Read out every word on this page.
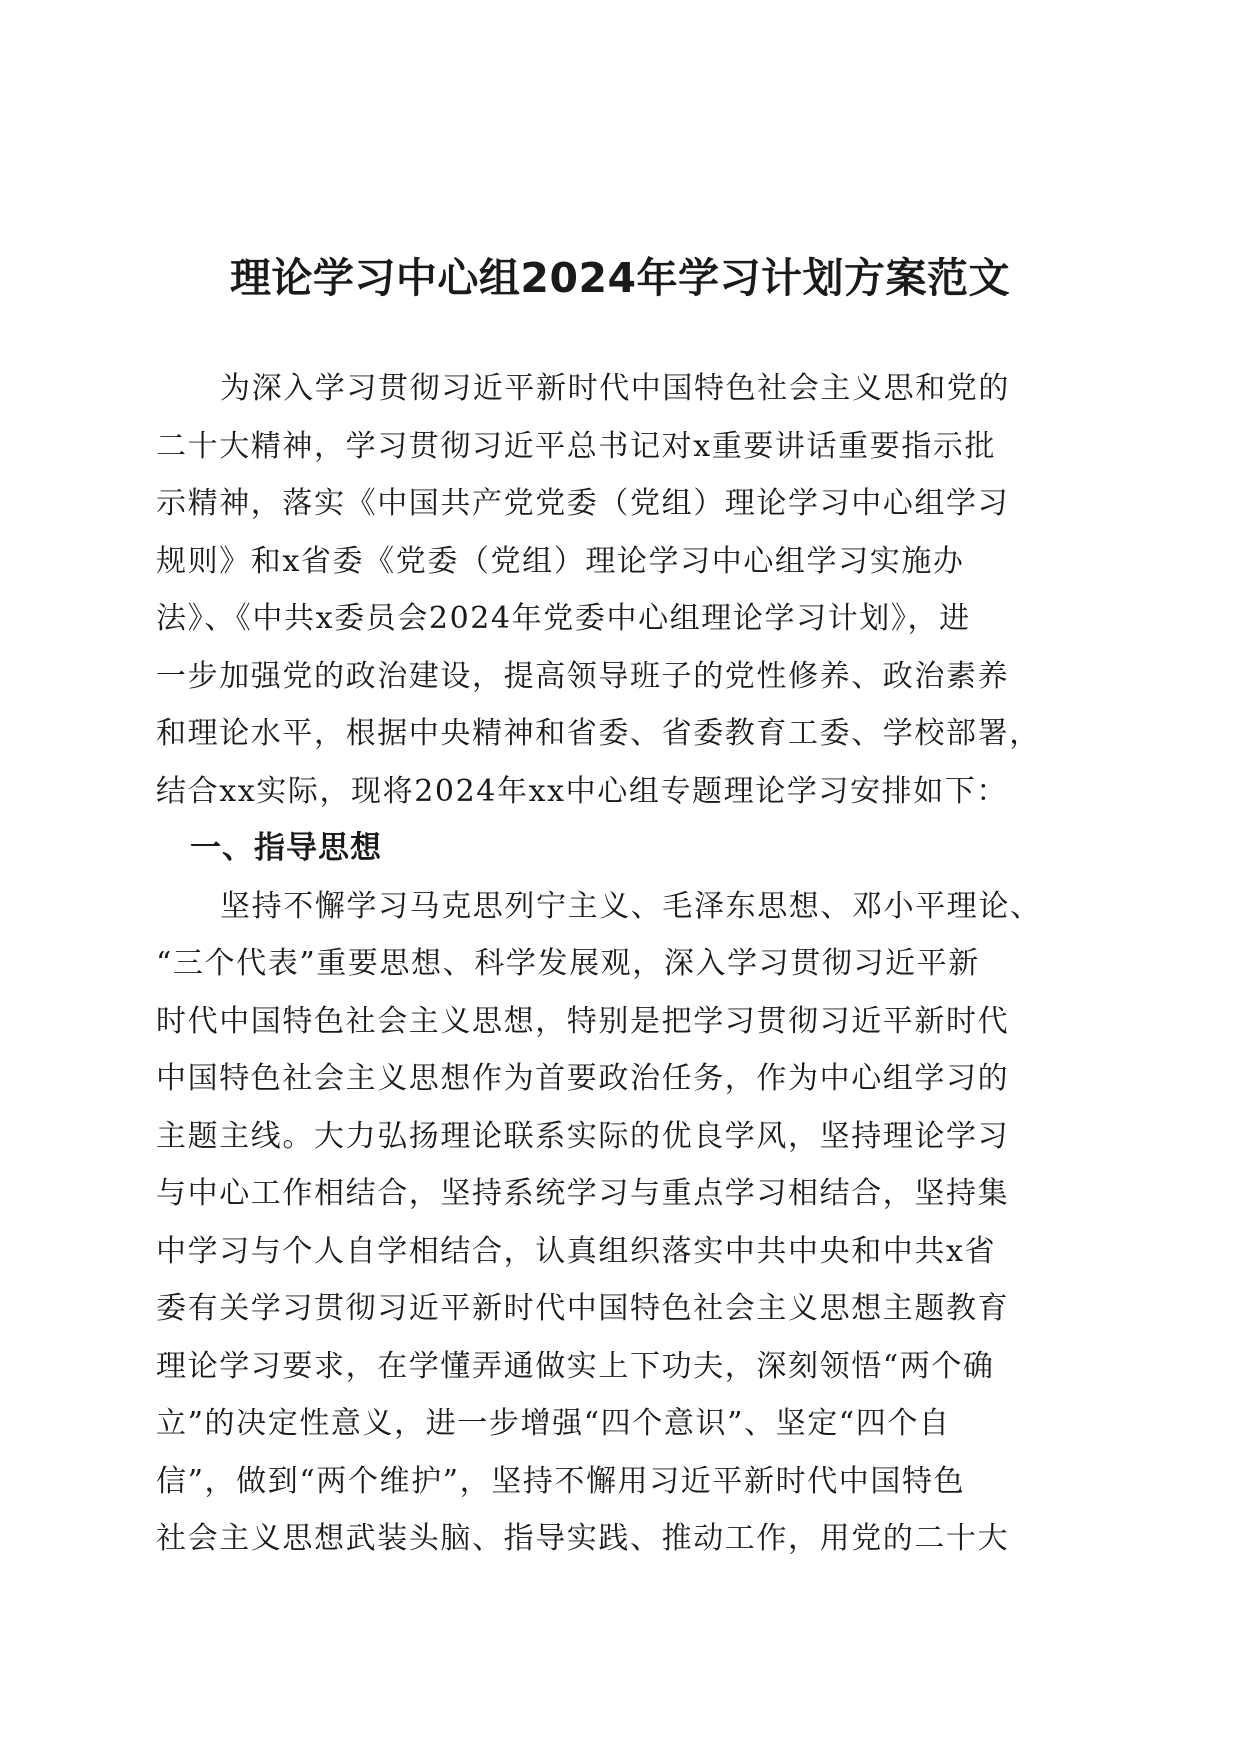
理论学习中心组2024年学习计划方案范文
为深入学习贯彻习近平新时代中国特色社会主义思和党的
二十大精神，学习贯彻习近平总书记对x重要讲话重要指示批
示精神，落实《中国共产党党委（党组）理论学习中心组学习
规则》和x省委《党委（党组）理论学习中心组学习实施办
法》、《中共x委员会2024年党委中心组理论学习计划》，进
一步加强党的政治建设，提高领导班子的党性修养、政治素养
和理论水平，根据中央精神和省委、省委教育工委、学校部署，
结合xx实际，现将2024年xx中心组专题理论学习安排如下：
一、指导思想
坚持不懈学习马克思列宁主义、毛泽东思想、邓小平理论、
“三个代表”重要思想、科学发展观，深入学习贯彻习近平新
时代中国特色社会主义思想，特别是把学习贯彻习近平新时代
中国特色社会主义思想作为首要政治任务，作为中心组学习的
主题主线。大力弘扬理论联系实际的优良学风，坚持理论学习
与中心工作相结合，坚持系统学习与重点学习相结合，坚持集
中学习与个人自学相结合，认真组织落实中共中央和中共x省
委有关学习贯彻习近平新时代中国特色社会主义思想主题教育
理论学习要求，在学懂弄通做实上下功夫，深刻领悟“两个确
立”的决定性意义，进一步增强“四个意识”、坚定“四个自
信”，做到“两个维护”，坚持不懈用习近平新时代中国特色
社会主义思想武装头脑、指导实践、推动工作，用党的二十大
